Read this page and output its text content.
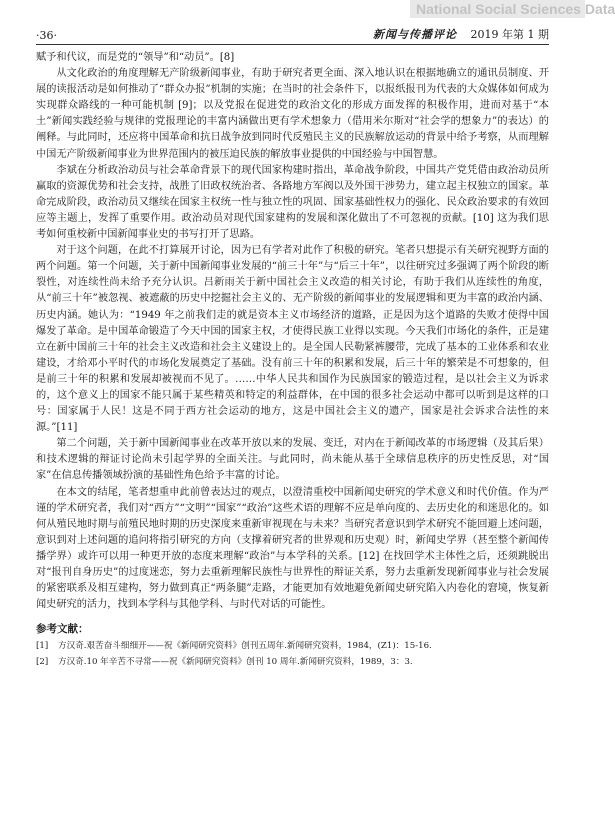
National Social Sciences Data
·36·	新闻与传播评论 2019 年第 1 期

赋予和代议，而是党的“领导”和“动员”。[8]

从文化政治的角度理解无产阶级新闻事业，有助于研究者更全面、深入地认识在根据地确立的通讯员制度、开展的读报活动是如何推动了“群众办报”机制的实施；在当时的社会条件下，以报纸报刊为代表的大众媒体如何成为实现群众路线的一种可能机制 [9]；以及党报在促进党的政治文化的形成方面发挥的积极作用，进而对基于“本土”新闻实践经验与规律的党报理论的丰富内涵做出更有学术想象力（借用米尔斯对“社会学的想象力”的表达）的阐释。与此同时，还应将中国革命和抗日战争放到同时代反殖民主义的民族解放运动的背景中给予考察，从而理解中国无产阶级新闻事业为世界范围内的被压迫民族的解放事业提供的中国经验与中国智慧。

李斌在分析政治动员与社会革命背景下的现代国家构建时指出，革命战争阶段，中国共产党凭借由政治动员所赢取的资源优势和社会支持，战胜了旧政权统治者、各路地方军阀以及外国干涉势力，建立起主权独立的国家。革命完成阶段，政治动员又继续在国家主权统一性与独立性的巩固、国家基础性权力的强化、民众政治要求的有效回应等主题上，发挥了重要作用。政治动员对现代国家建构的发展和深化做出了不可忽视的贡献。[10] 这为我们思考如何重校新中国新闻事业史的书写打开了思路。

对于这个问题，在此不打算展开讨论，因为已有学者对此作了积极的研究。笔者只想提示有关研究视野方面的两个问题。第一个问题，关于新中国新闻事业发展的“前三十年”与“后三十年”，以往研究过多强调了两个阶段的断裂性，对连续性尚未给予充分认识。吕新雨关于新中国社会主义改造的相关讨论，有助于我们从连续性的角度，从“前三十年”被忽视、被遮蔽的历史中挖掘社会主义的、无产阶级的新闻事业的发展逻辑和更为丰富的政治内涵、历史内涵。她认为：“1949 年之前我们走的就是资本主义市场经济的道路，正是因为这个道路的失败才使得中国爆发了革命。是中国革命锻造了今天中国的国家主权，才使得民族工业得以实现。今天我们市场化的条件，正是建立在新中国前三十年的社会主义改造和社会主义建设上的。是全国人民勒紧裤腰带，完成了基本的工业体系和农业建设，才给邓小平时代的市场化发展奠定了基础。没有前三十年的积累和发展，后三十年的繁荣是不可想象的，但是前三十年的积累和发展却被视而不见了。……中华人民共和国作为民族国家的锻造过程，是以社会主义为诉求的，这个意义上的国家不能只属于某些精英和特定的利益群体，在中国的很多社会运动中都可以听到是这样的口号：国家属于人民！这是不同于西方社会运动的地方，这是中国社会主义的遗产，国家是社会诉求合法性的来源。”[11]

第二个问题，关于新中国新闻事业在改革开放以来的发展、变迁，对内在于新闻改革的市场逻辑（及其后果）和技术逻辑的辩证讨论尚未引起学界的全面关注。与此同时，尚未能从基于全球信息秩序的历史性反思，对“国家”在信息传播领域扮演的基础性角色给予丰富的讨论。

在本文的结尾，笔者想重申此前曾表达过的观点，以澄清重校中国新闻史研究的学术意义和时代价值。作为严谨的学术研究者，我们对“西方”“文明”“国家”“政治”这些术语的理解不应是单向度的、去历史化的和迷思化的。如何从殖民地时期与前殖民地时期的历史深度来重新审视现在与未来？当研究者意识到学术研究不能回避上述问题，意识到对上述问题的追问将指引研究的方向（支撑着研究者的世界观和历史观）时，新闻史学界（甚至整个新闻传播学界）或许可以用一种更开放的态度来理解“政治”与本学科的关系。[12] 在找回学术主体性之后，还须跳脱出对“报刊自身历史”的过度迷恋，努力去重新理解民族性与世界性的辩证关系，努力去重新发现新闻事业与社会发展的紧密联系及相互建构，努力做到真正“两条腿”走路，才能更加有效地避免新闻史研究陷入内卷化的窘境，恢复新闻史研究的活力，找到本学科与其他学科、与时代对话的可能性。

参考文献：
[1]	方汉奇.艰苦奋斗细细开——祝《新闻研究资料》创刊五周年.新闻研究资料，1984，(Z1)：15-16.
[2]	方汉奇.10 年辛苦不寻常——祝《新闻研究资料》创刊 10 周年.新闻研究资料，1989，3：3.
